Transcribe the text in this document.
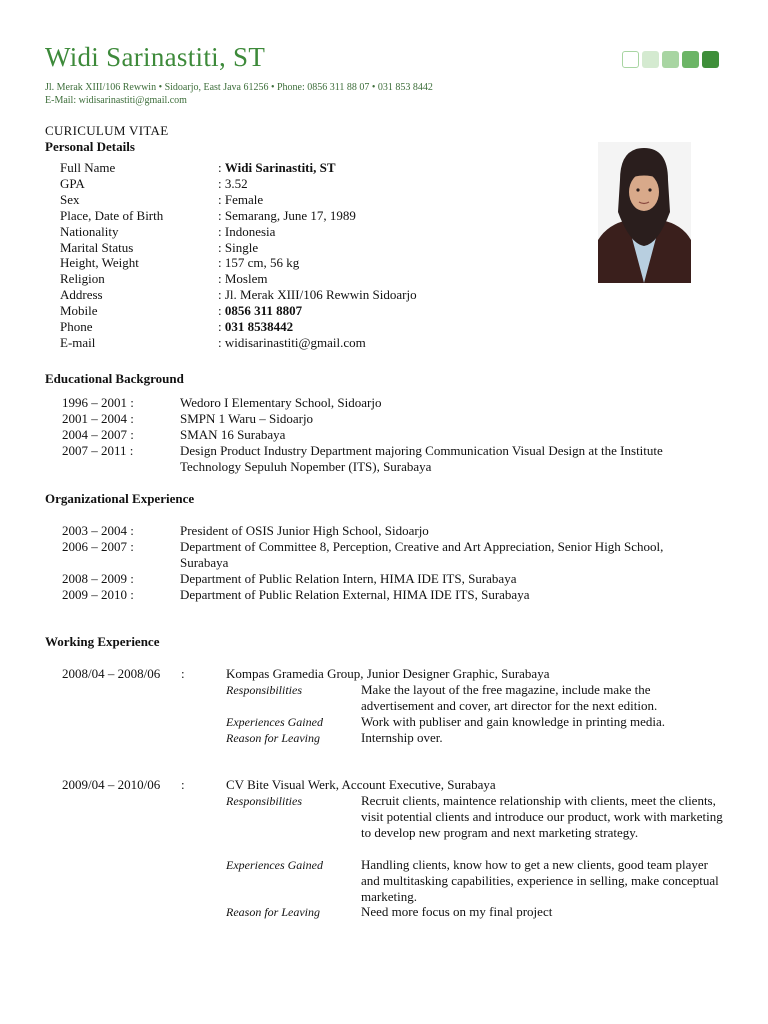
Widi Sarinastiti, ST
Jl. Merak XIII/106 Rewwin • Sidoarjo, East Java 61256 • Phone: 0856 311 88 07 • 031 853 8442
E-Mail: widisarinastiti@gmail.com
CURICULUM VITAE
Personal Details
Full Name	: Widi Sarinastiti, ST
GPA	: 3.52
Sex	: Female
Place, Date of Birth	: Semarang, June 17, 1989
Nationality	: Indonesia
Marital Status	: Single
Height, Weight	: 157 cm, 56 kg
Religion	: Moslem
Address	: Jl. Merak XIII/106 Rewwin Sidoarjo
Mobile	: 0856 311 8807
Phone	: 031 8538442
E-mail	: widisarinastiti@gmail.com
Educational Background
1996 – 2001 :	Wedoro I Elementary School, Sidoarjo
2001 – 2004 :	SMPN 1 Waru – Sidoarjo
2004 – 2007 :	SMAN 16 Surabaya
2007 – 2011 :	Design Product Industry Department majoring Communication Visual Design at the Institute Technology Sepuluh Nopember (ITS), Surabaya
Organizational Experience
2003 – 2004 :	President of OSIS Junior High School, Sidoarjo
2006 – 2007 :	Department of Committee 8, Perception, Creative and Art Appreciation, Senior High School, Surabaya
2008 – 2009 :	Department of Public Relation Intern, HIMA IDE ITS, Surabaya
2009 – 2010 :	Department of Public Relation External, HIMA IDE ITS, Surabaya
Working Experience
2008/04 – 2008/06 :	Kompas Gramedia Group, Junior Designer Graphic, Surabaya
Responsibilities	Make the layout of the free magazine, include make the advertisement and cover, art director for the next edition.
Experiences Gained	Work with publiser and gain knowledge in printing media.
Reason for Leaving	Internship over.
2009/04 – 2010/06 :	CV Bite Visual Werk, Account Executive, Surabaya
Responsibilities	Recruit clients, maintence relationship with clients, meet the clients, visit potential clients and introduce our product, work with marketing to develop new program and next marketing strategy.
Experiences Gained	Handling clients, know how to get a new clients, good team player and multitasking capabilities, experience in selling, make conceptual marketing.
Reason for Leaving	Need more focus on my final project
